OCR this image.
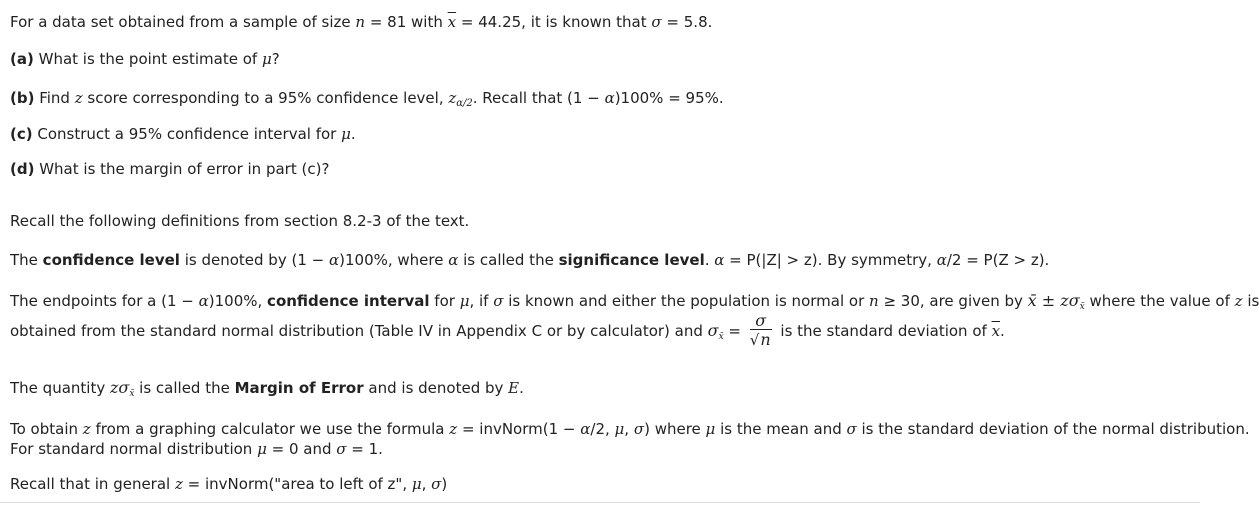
For a data set obtained from a sample of size n = 81 with $\overline{x} = 44.25$, it is known that σ = 5.8.
(a) What is the point estimate of μ?
(b) Find z score corresponding to a 95% confidence level, $z_{\alpha/2}$. Recall that (1 − α)100% = 95%.
(c) Construct a 95% confidence interval for μ.
(d) What is the margin of error in part (c)?
Recall the following definitions from section 8.2-3 of the text.
The confidence level is denoted by (1 − α)100%, where α is called the significance level. α = P(|Z| > z). By symmetry, α/2 = P(Z > z).
The endpoints for a (1 − α)100%, confidence interval for μ, if σ is known and either the population is normal or n ≥ 30, are given by x̄ ± $z\sigma_{x̄}$ where the value of z is
obtained from the standard normal distribution (Table IV in Appendix C or by calculator) and $\sigma_{x̄} = \frac{\sigma}{√n}$ is the standard deviation of $\overline{x}$.
The quantity $z\sigma_{x̄}$ is called the Margin of Error and is denoted by E.
To obtain z from a graphing calculator we use the formula z = invNorm(1 − α/2, μ, σ) where μ is the mean and σ is the standard deviation of the normal distribution.
For standard normal distribution μ = 0 and σ = 1.
Recall that in general z = invNorm("area to left of z", μ, σ)
